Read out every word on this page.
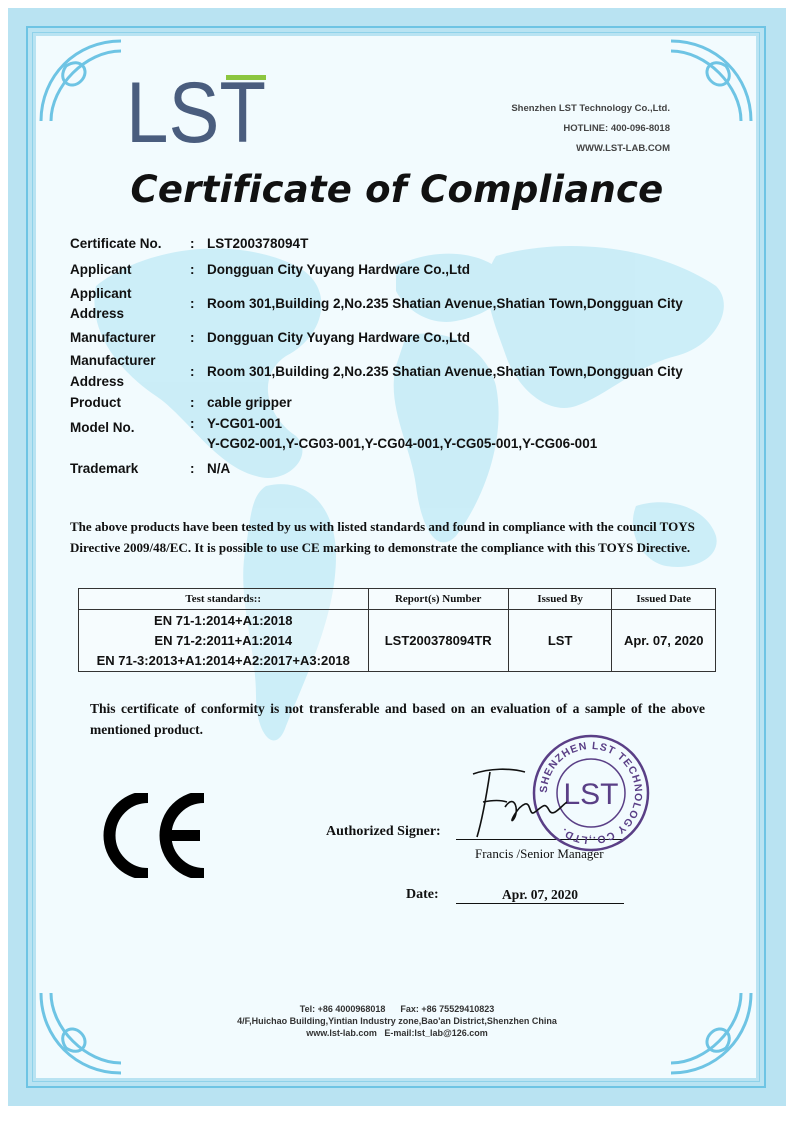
LST	Shenzhen LST Technology Co.,Ltd.
HOTLINE: 400-096-8018
WWW.LST-LAB.COM
Certificate of Compliance
Certificate No. : LST200378094T
Applicant	: Dongguan City Yuyang Hardware Co.,Ltd
Applicant
Address
: Room 301,Building 2,No.235 Shatian Avenue,Shatian Town,Dongguan City
Manufacturer	: Dongguan City Yuyang Hardware Co.,Ltd
Manufacturer
Address
: Room 301,Building 2,No.235 Shatian Avenue,Shatian Town,Dongguan City
Product	: cable gripper
Model No.	: Y-CG01-001
Y-CG02-001,Y-CG03-001,Y-CG04-001,Y-CG05-001,Y-CG06-001
Trademark	: N/A
The above products have been tested by us with listed standards and found in compliance with the council TOYS Directive 2009/48/EC. It is possible to use CE marking to demonstrate the compliance with this TOYS Directive.
Test standards::	Report(s) Number	Issued By	Issued Date

EN 71-1:2014+A1:2018
EN 71-2:2011+A1:2014
EN 71-3:2013+A1:2014+A2:2017+A3:2018	LST200378094TR	LST	Apr. 07, 2020
This certificate of conformity is not transferable and based on an evaluation of a sample of the above mentioned product.
Authorized Signer:
Francis /Senior Manager
Date:	Apr. 07, 2020
SHENZHEN LST TECHNOLOGY CO.,LTD.
LST
Tel: +86 4000968018      Fax: +86 75529410823
4/F,Huichao Building,Yintian Industry zone,Bao'an District,Shenzhen China
www.lst-lab.com   E-mail:lst_lab@126.com
